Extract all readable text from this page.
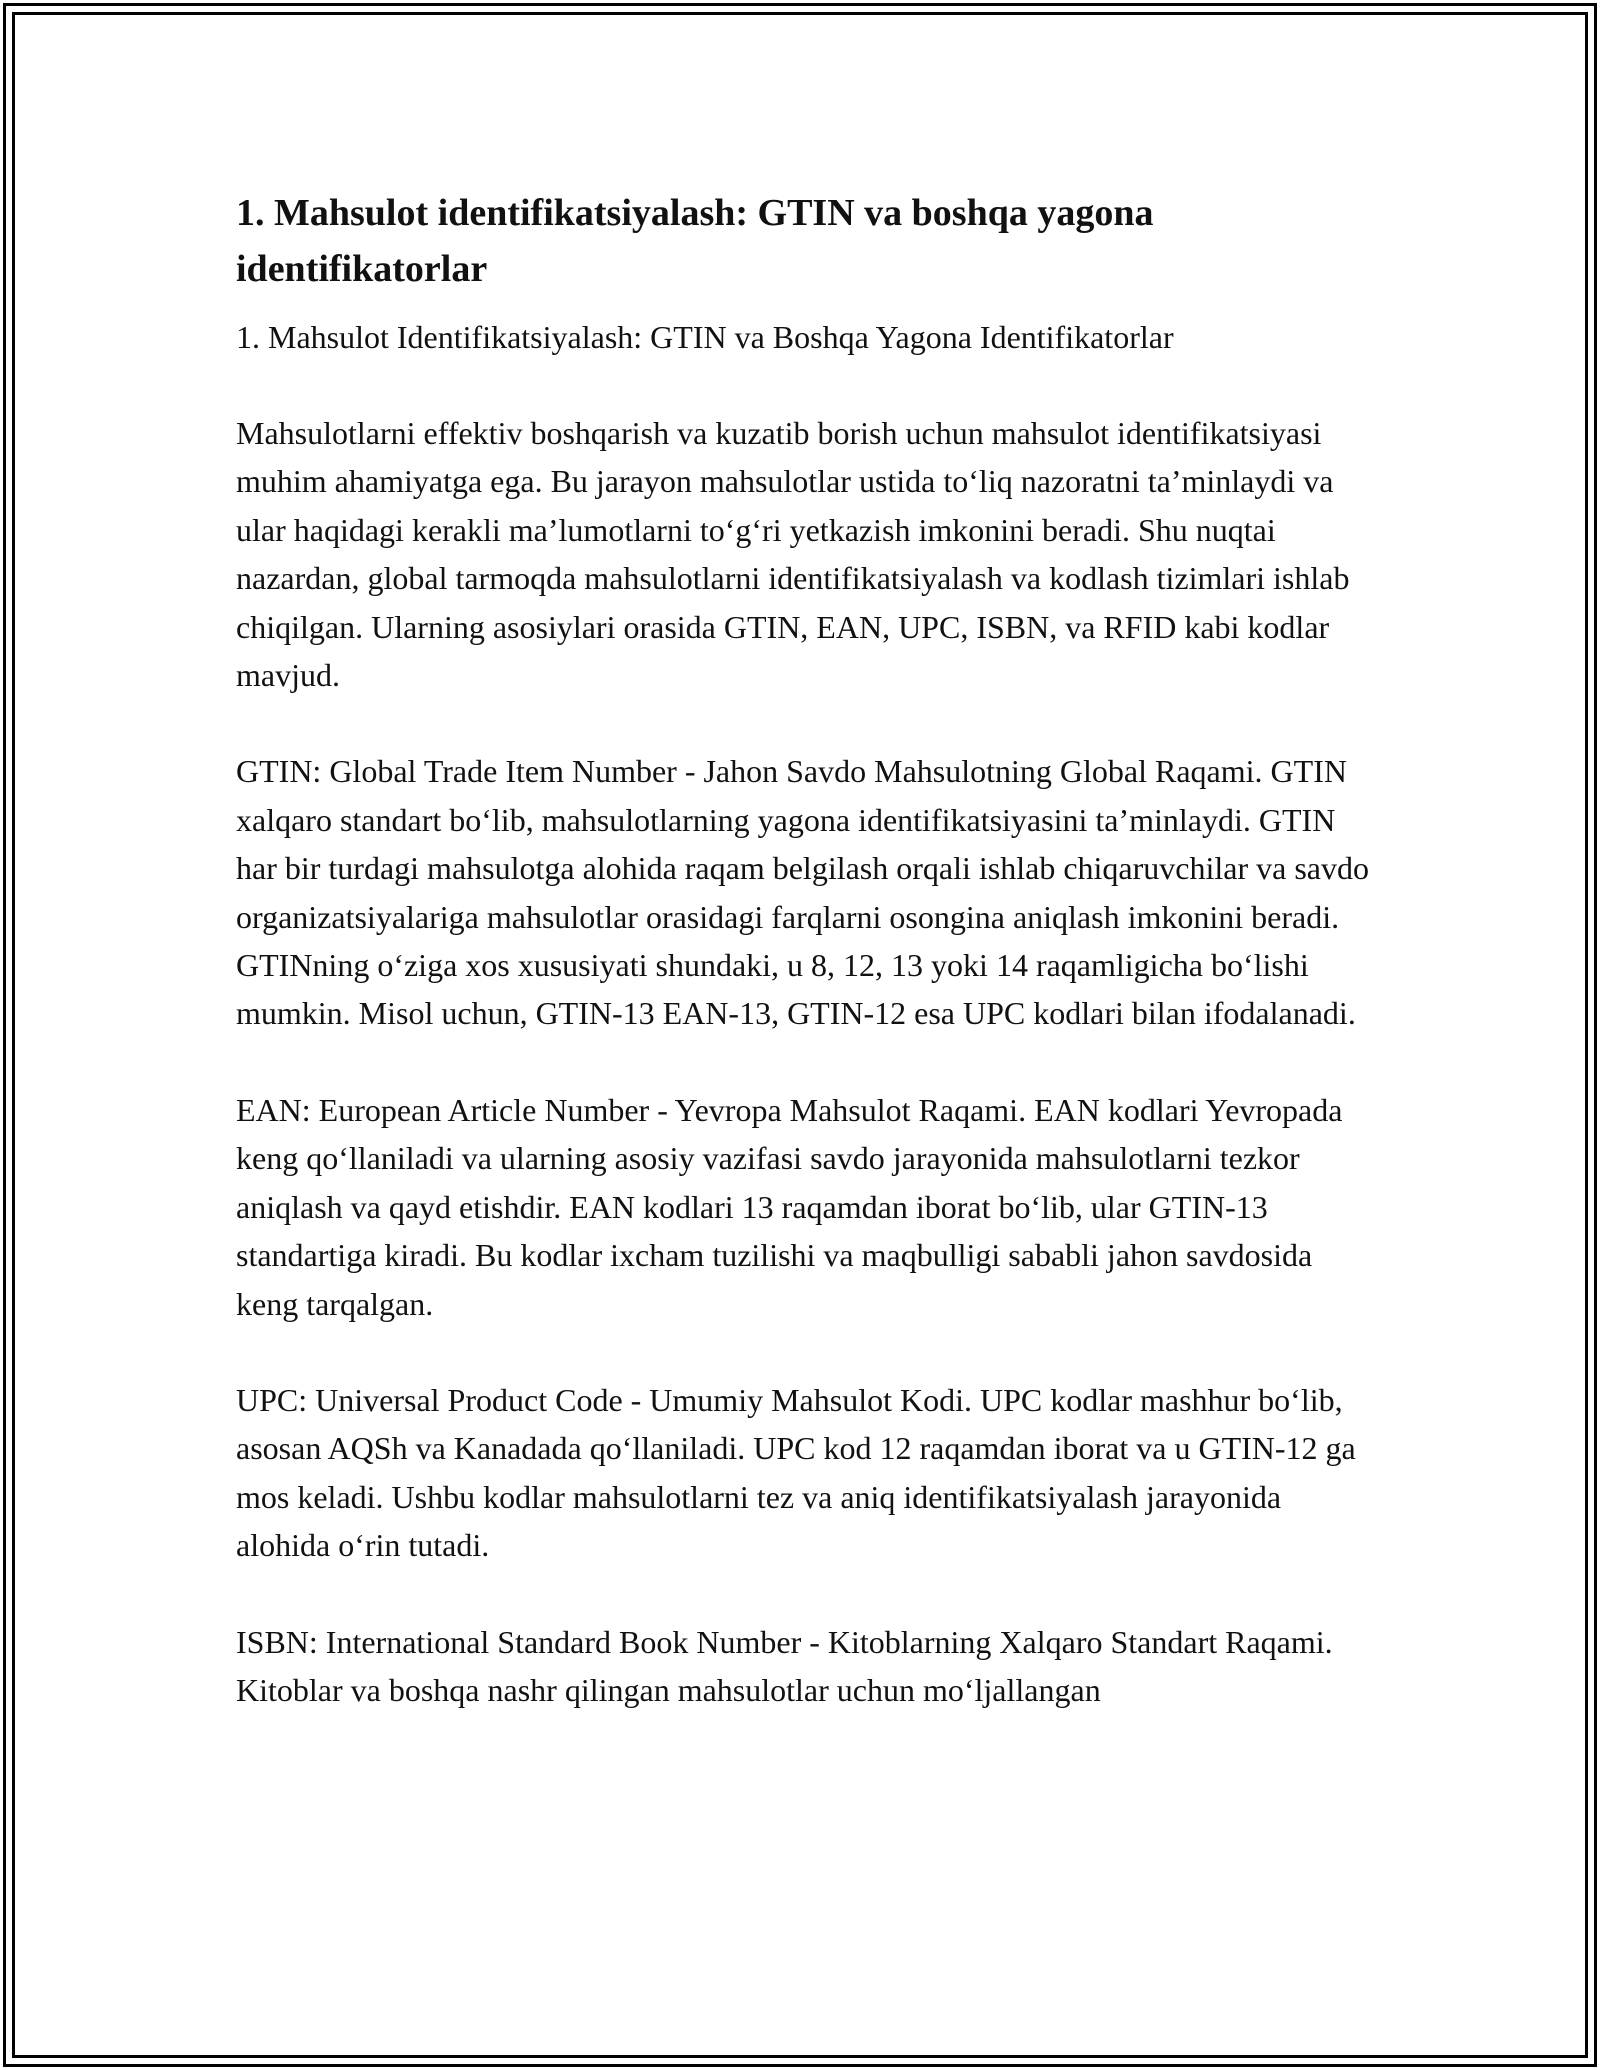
1. Mahsulot identifikatsiyalash: GTIN va boshqa yagona identifikatorlar

1. Mahsulot Identifikatsiyalash: GTIN va Boshqa Yagona Identifikatorlar

Mahsulotlarni effektiv boshqarish va kuzatib borish uchun mahsulot identifikatsiyasi muhim ahamiyatga ega. Bu jarayon mahsulotlar ustida to‘liq nazoratni ta’minlaydi va ular haqidagi kerakli ma’lumotlarni to‘g‘ri yetkazish imkonini beradi. Shu nuqtai nazardan, global tarmoqda mahsulotlarni identifikatsiyalash va kodlash tizimlari ishlab chiqilgan. Ularning asosiylari orasida GTIN, EAN, UPC, ISBN, va RFID kabi kodlar mavjud.

GTIN: Global Trade Item Number - Jahon Savdo Mahsulotning Global Raqami. GTIN xalqaro standart bo‘lib, mahsulotlarning yagona identifikatsiyasini ta’minlaydi. GTIN har bir turdagi mahsulotga alohida raqam belgilash orqali ishlab chiqaruvchilar va savdo organizatsiyalariga mahsulotlar orasidagi farqlarni osongina aniqlash imkonini beradi. GTINning o‘ziga xos xususiyati shundaki, u 8, 12, 13 yoki 14 raqamligicha bo‘lishi mumkin. Misol uchun, GTIN-13 EAN-13, GTIN-12 esa UPC kodlari bilan ifodalanadi.

EAN: European Article Number - Yevropa Mahsulot Raqami. EAN kodlari Yevropada keng qo‘llaniladi va ularning asosiy vazifasi savdo jarayonida mahsulotlarni tezkor aniqlash va qayd etishdir. EAN kodlari 13 raqamdan iborat bo‘lib, ular GTIN-13 standartiga kiradi. Bu kodlar ixcham tuzilishi va maqbulligi sababli jahon savdosida keng tarqalgan.

UPC: Universal Product Code - Umumiy Mahsulot Kodi. UPC kodlar mashhur bo‘lib, asosan AQSh va Kanadada qo‘llaniladi. UPC kod 12 raqamdan iborat va u GTIN-12 ga mos keladi. Ushbu kodlar mahsulotlarni tez va aniq identifikatsiyalash jarayonida alohida o‘rin tutadi.

ISBN: International Standard Book Number - Kitoblarning Xalqaro Standart Raqami. Kitoblar va boshqa nashr qilingan mahsulotlar uchun mo‘ljallangan
